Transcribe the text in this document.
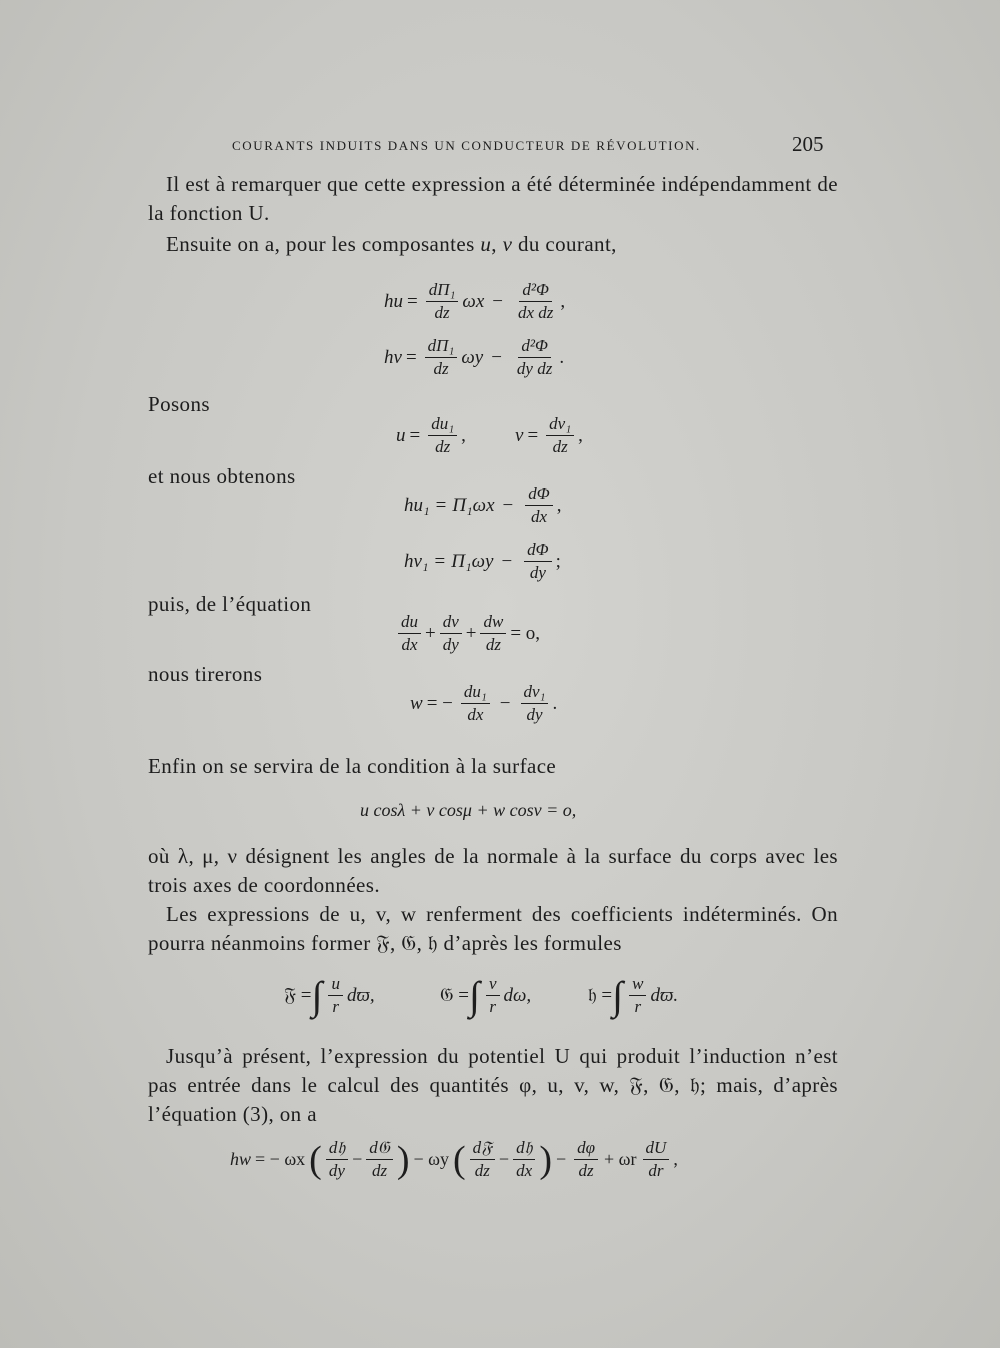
COURANTS INDUITS DANS UN CONDUCTEUR DE RÉVOLUTION.	205
Il est à remarquer que cette expression a été déterminée indépendamment de la fonction U.
Ensuite on a, pour les composantes u, v du courant,
hu = $\frac{\text{dΠ₁}}{dz}$ $\omega x - \frac{\text{d²Φ}}{\text{dx dz}}$ ,
hv = $\frac{\text{dΠ₁}}{dz}$ $\omega y - \frac{\text{d²Φ}}{\text{dy dz}}$ .
Posons
$u = \frac{\text{du₁}}{dz}$ ,	$v = \frac{\text{dv₁}}{dz}$ ,
et nous obtenons
$hu_1 = \Pi_1\omega x - \frac{d\Phi}{dx}$ ,
$hv_1 = \Pi_1\omega y - \frac{d\Phi}{dy}$ ;
puis, de l’équation
$\frac{du}{dx} + \frac{dv}{dy} + \frac{dw}{dz} = o$,
nous tirerons
w = − $\frac{\text{du₁}}{dx} - \frac{\text{dv₁}}{dy}$ .
Enfin on se servira de la condition à la surface
u cosλ + v cosμ + w cosν = o,
où λ, μ, ν désignent les angles de la normale à la surface du corps avec les trois axes de coordonnées.
Les expressions de u, v, w renferment des coefficients indéterminés. On pourra néanmoins former 𝔉, 𝔊, 𝔥 d’après les formules
𝔉 = ∫ $\frac{u}{r} dϖ$,	𝔊 = ∫ $\frac{v}{r} d\omega$,	𝔥 = ∫ $\frac{w}{r} dϖ$.
Jusqu’à présent, l’expression du potentiel U qui produit l’induction n’est pas entrée dans le calcul des quantités φ, u, v, w, 𝔉, 𝔊, 𝔥; mais, d’après l’équation (3), on a
hw = − ωx ( $\frac{\text{d𝔥}}{dy} - \frac{\text{d𝔊}}{dz}$ ) − ωy ( $\frac{\text{d𝔉}}{dz} - \frac{\text{d𝔥}}{dx}$ ) − $\frac{d\varphi}{dz} + \omega r \frac{dU}{dr}$ ,
